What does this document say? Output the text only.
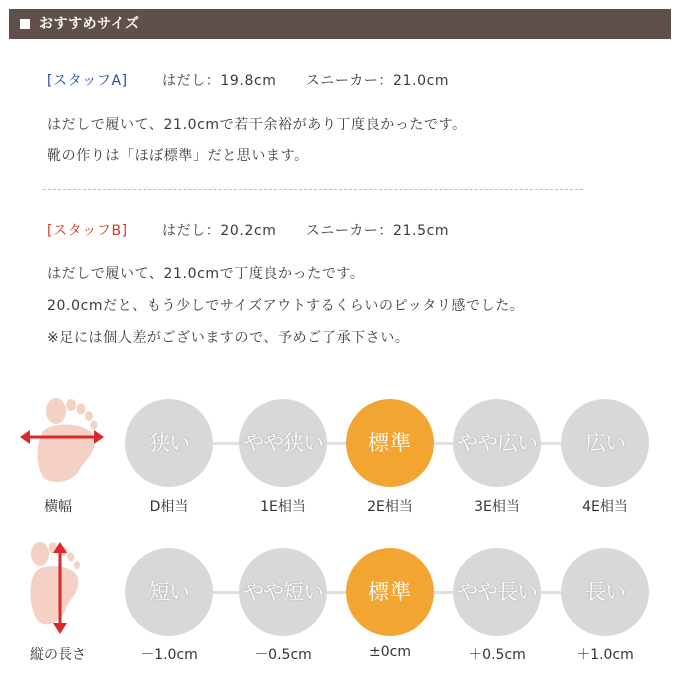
おすすめサイズ
[スタッフA] はだし：19.8cm　　スニーカー：21.0cm
はだしで履いて、21.0cmで若干余裕があり丁度良かったです。
靴の作りは「ほぼ標準」だと思います。
[スタッフB] はだし：20.2cm　　スニーカー：21.5cm
はだしで履いて、21.0cmで丁度良かったです。
20.0cmだと、もう少しでサイズアウトするくらいのピッタリ感でした。
※足には個人差がございますので、予めご了承下さい。
横幅
狭い	やや狭い	標準	やや広い	広い
D相当	1E相当	2E相当	3E相当	4E相当
縦の長さ
短い	やや短い	標準	やや長い	長い
－1.0cm	－0.5cm	±0cm	＋0.5cm	＋1.0cm
